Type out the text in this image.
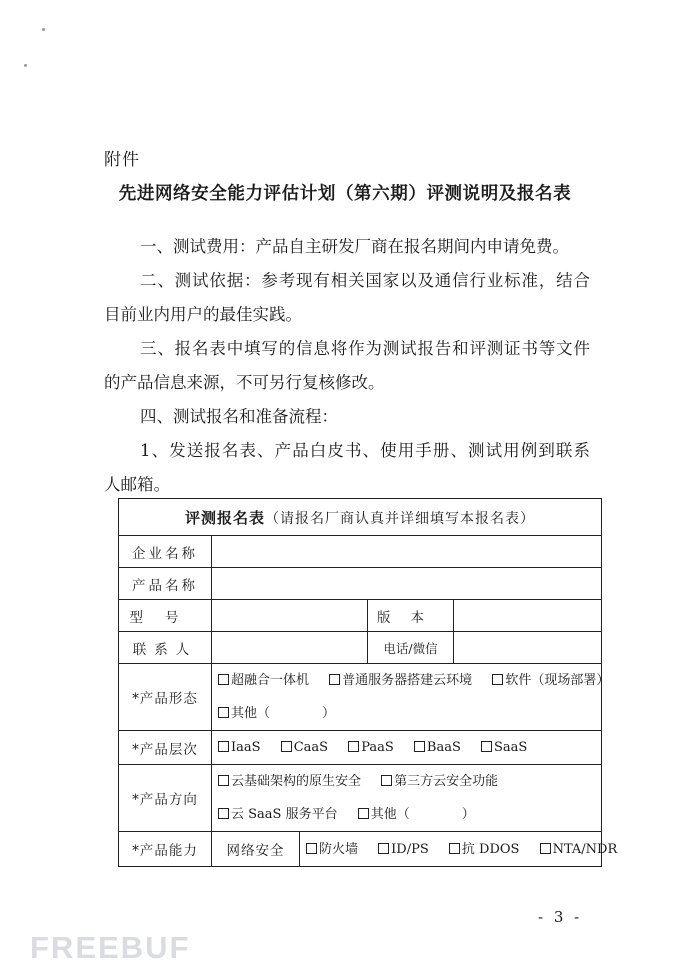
附件
先进网络安全能力评估计划（第六期）评测说明及报名表

一、测试费用：产品自主研发厂商在报名期间内申请免费。

二、测试依据：参考现有相关国家以及通信行业标准，结合
目前业内用户的最佳实践。

三、报名表中填写的信息将作为测试报告和评测证书等文件
的产品信息来源，不可另行复核修改。

四、测试报名和准备流程：

1、发送报名表、产品白皮书、使用手册、测试用例到联系
人邮箱。

评测报名表（请报名厂商认真并详细填写本报名表）				
企业名称				
产品名称				
型号			版本	
联系人			电话/微信	
*产品形态	超融合一体机 普通服务器搭建云环境 软件（现场部署）
其他（　　　　）			

*产品层次	IaaS CaaS PaaS BaaS SaaS			
*产品方向	云基础架构的原生安全 第三方云安全功能
云 SaaS 服务平台 其他（　　　　）			

*产品能力	网络安全	防火墙 ID/PS 抗 DDOS NTA/NDR		
- 3 -
FREEBUF
